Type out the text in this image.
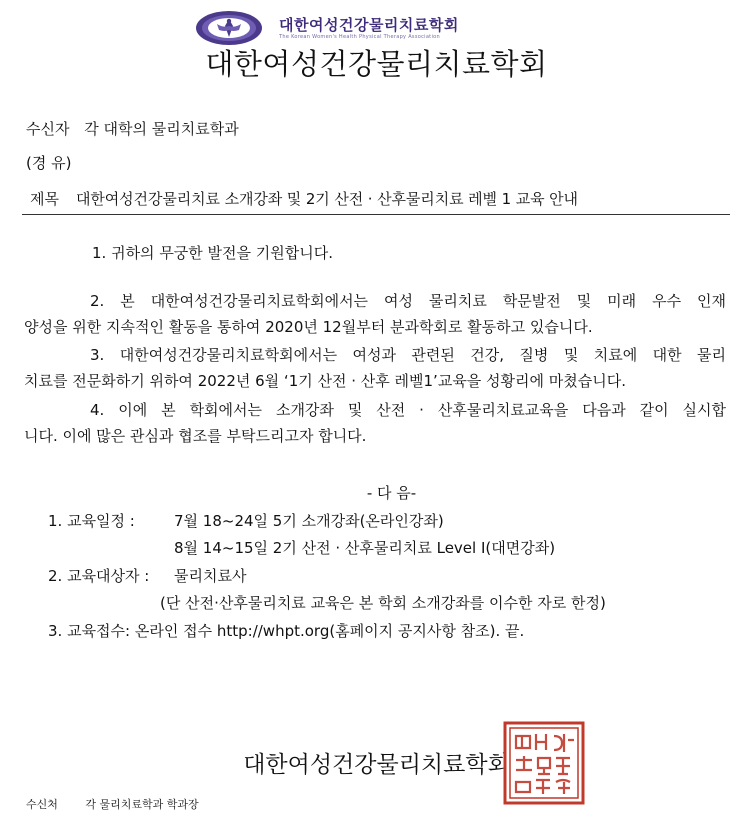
대한여성건강물리치료학회
The Korean Women's Health Physical Therapy Association
대한여성건강물리치료학회
수신자 각 대학의 물리치료학과
(경 유)
제목 대한여성건강물리치료 소개강좌 및 2기 산전 · 산후물리치료 레벨 1 교육 안내
1. 귀하의 무궁한 발전을 기원합니다.
2. 본 대한여성건강물리치료학회에서는 여성 물리치료 학문발전 및 미래 우수 인재
양성을 위한 지속적인 활동을 통하여 2020년 12월부터 분과학회로 활동하고 있습니다.
3. 대한여성건강물리치료학회에서는 여성과 관련된 건강, 질병 및 치료에 대한 물리
치료를 전문화하기 위하여 2022년 6월 ‘1기 산전 · 산후 레벨1’교육을 성황리에 마쳤습니다.
4. 이에 본 학회에서는 소개강좌 및 산전 · 산후물리치료교육을 다음과 같이 실시합
니다. 이에 많은 관심과 협조를 부탁드리고자 합니다.
- 다 음-
1. 교육일정 :	7월 18~24일 5기 소개강좌(온라인강좌)
8월 14~15일 2기 산전 · 산후물리치료 Level Ⅰ(대면강좌)
2. 교육대상자 : 물리치료사
(단 산전·산후물리치료 교육은 본 학회 소개강좌를 이수한 자로 한정)
3. 교육접수: 온라인 접수 http://whpt.org(홈페이지 공지사항 참조). 끝.
대한여성건강물리치료학회
수신처	각 물리치료학과 학과장
